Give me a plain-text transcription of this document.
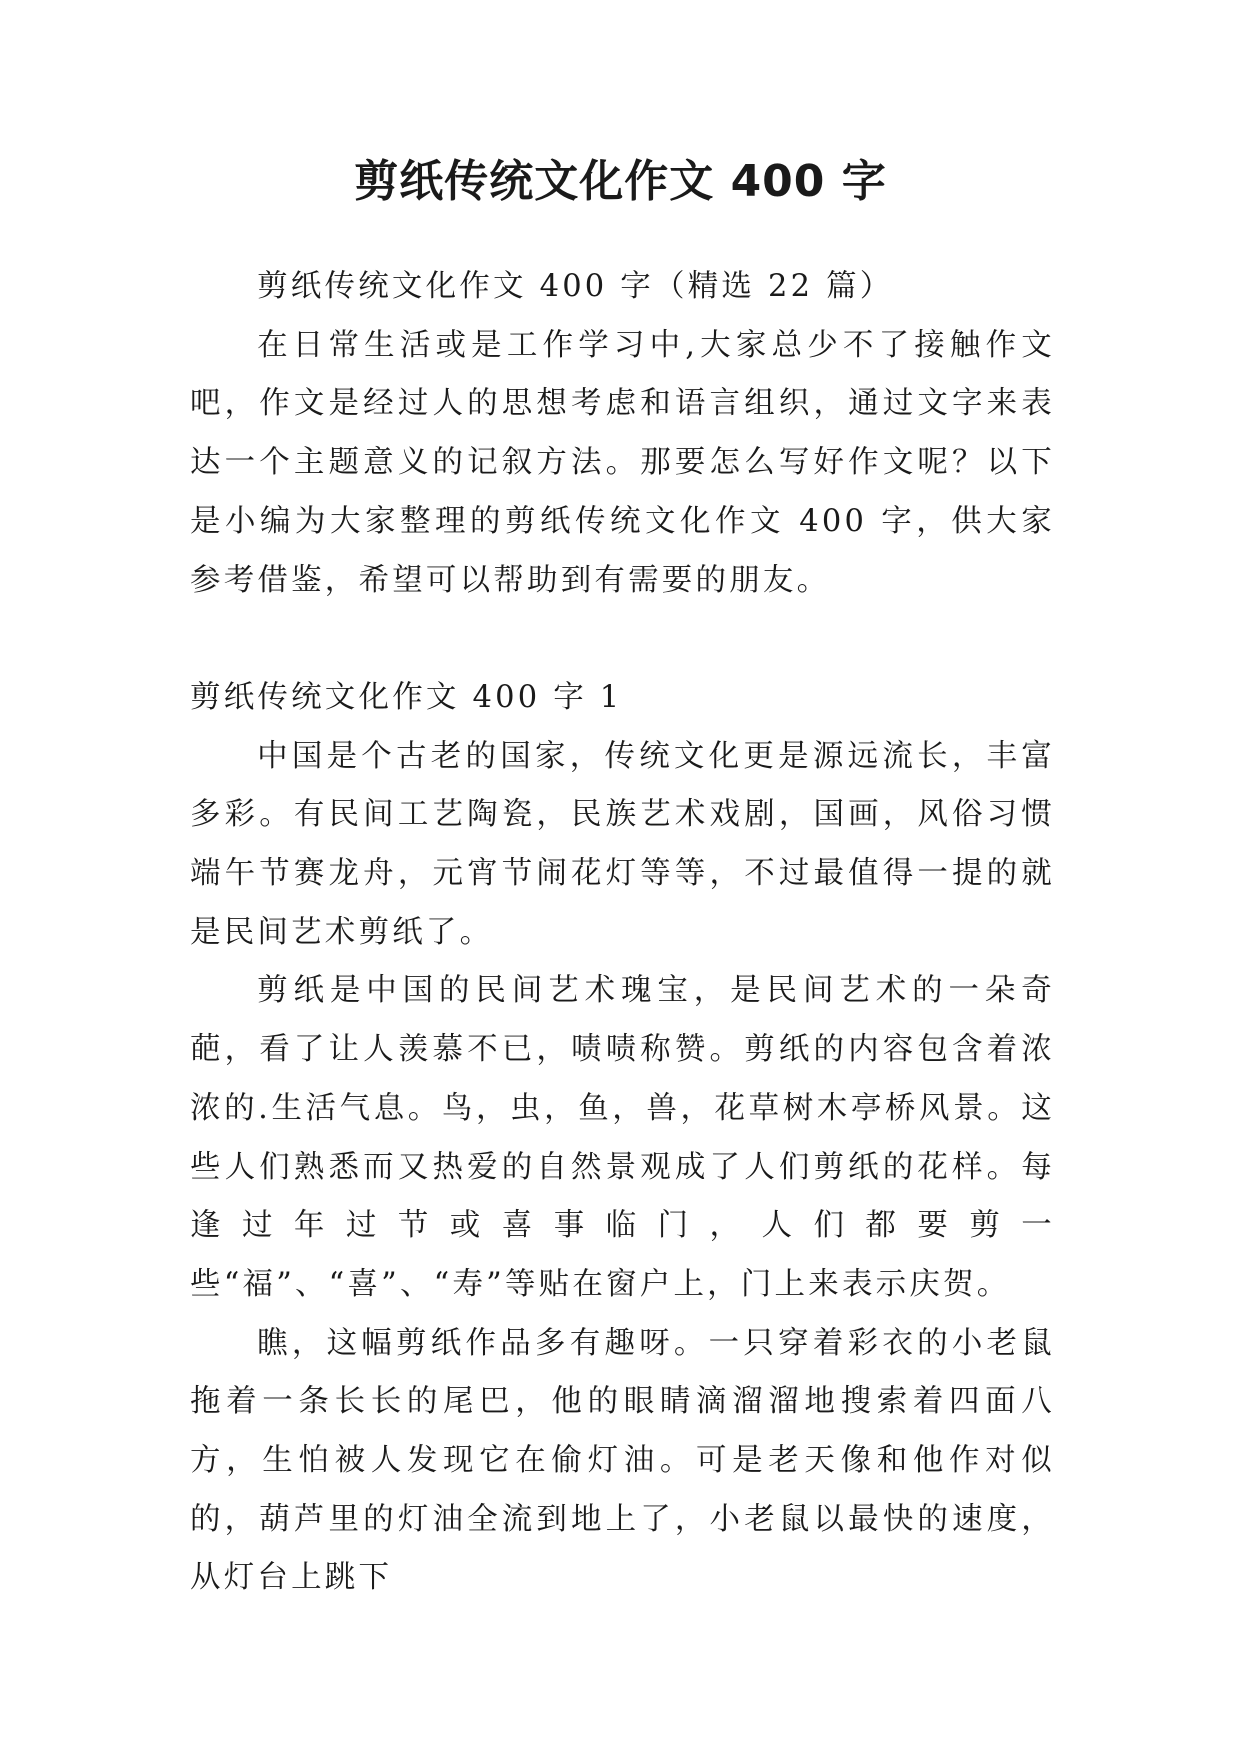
剪纸传统文化作文 400 字

剪纸传统文化作文 400 字（精选 22 篇）

在日常生活或是工作学习中,大家总少不了接触作文吧，作文是经过人的思想考虑和语言组织，通过文字来表达一个主题意义的记叙方法。那要怎么写好作文呢？以下是小编为大家整理的剪纸传统文化作文 400 字，供大家参考借鉴，希望可以帮助到有需要的朋友。

剪纸传统文化作文 400 字 1

中国是个古老的国家，传统文化更是源远流长，丰富多彩。有民间工艺陶瓷，民族艺术戏剧，国画，风俗习惯端午节赛龙舟，元宵节闹花灯等等，不过最值得一提的就是民间艺术剪纸了。

剪纸是中国的民间艺术瑰宝，是民间艺术的一朵奇葩，看了让人羡慕不已，啧啧称赞。剪纸的内容包含着浓浓的.生活气息。鸟，虫，鱼，兽，花草树木亭桥风景。这些人们熟悉而又热爱的自然景观成了人们剪纸的花样。每逢过年过节或喜事临门，人们都要剪一些“福”、“喜”、“寿”等贴在窗户上，门上来表示庆贺。

瞧，这幅剪纸作品多有趣呀。一只穿着彩衣的小老鼠拖着一条长长的尾巴，他的眼睛滴溜溜地搜索着四面八方，生怕被人发现它在偷灯油。可是老天像和他作对似的，葫芦里的灯油全流到地上了，小老鼠以最快的速度，从灯台上跳下
